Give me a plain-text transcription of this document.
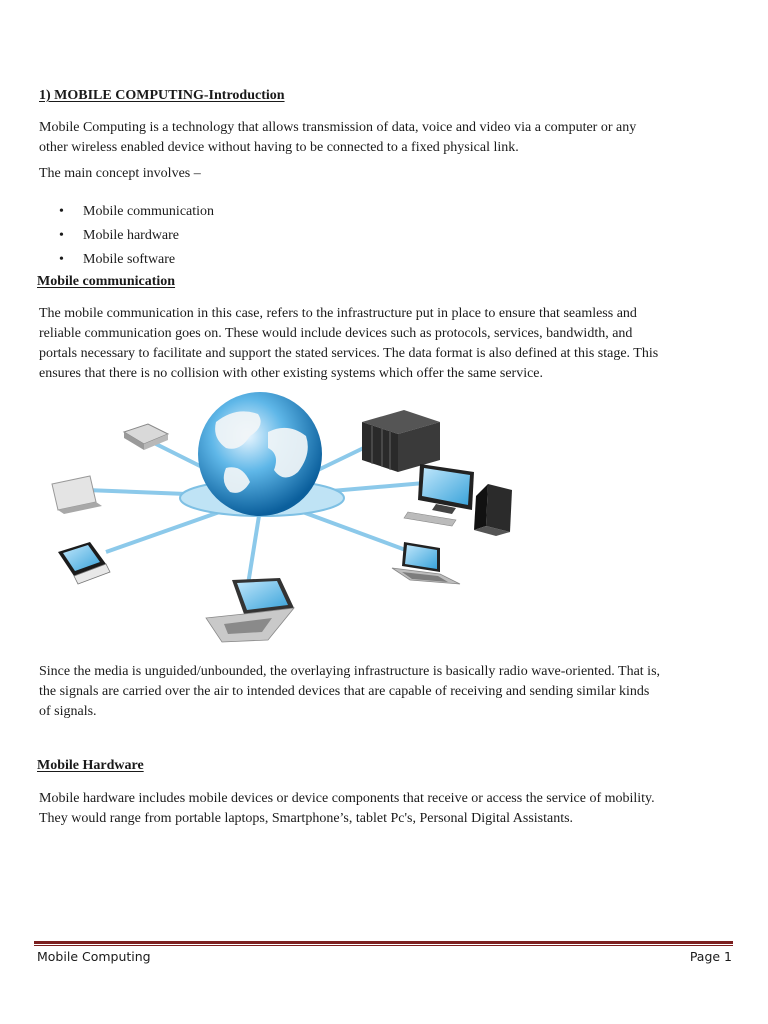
1) MOBILE COMPUTING-Introduction
Mobile Computing is a technology that allows transmission of data, voice and video via a computer or any
other wireless enabled device without having to be connected to a fixed physical link.
The main concept involves –
• Mobile communication
• Mobile hardware
• Mobile software
Mobile communication
The mobile communication in this case, refers to the infrastructure put in place to ensure that seamless and
reliable communication goes on. These would include devices such as protocols, services, bandwidth, and
portals necessary to facilitate and support the stated services. The data format is also defined at this stage. This
ensures that there is no collision with other existing systems which offer the same service.
Since the media is unguided/unbounded, the overlaying infrastructure is basically radio wave-oriented. That is,
the signals are carried over the air to intended devices that are capable of receiving and sending similar kinds
of signals.
Mobile Hardware
Mobile hardware includes mobile devices or device components that receive or access the service of mobility.
They would range from portable laptops, Smartphone’s, tablet Pc's, Personal Digital Assistants.
Mobile Computing	Page 1
